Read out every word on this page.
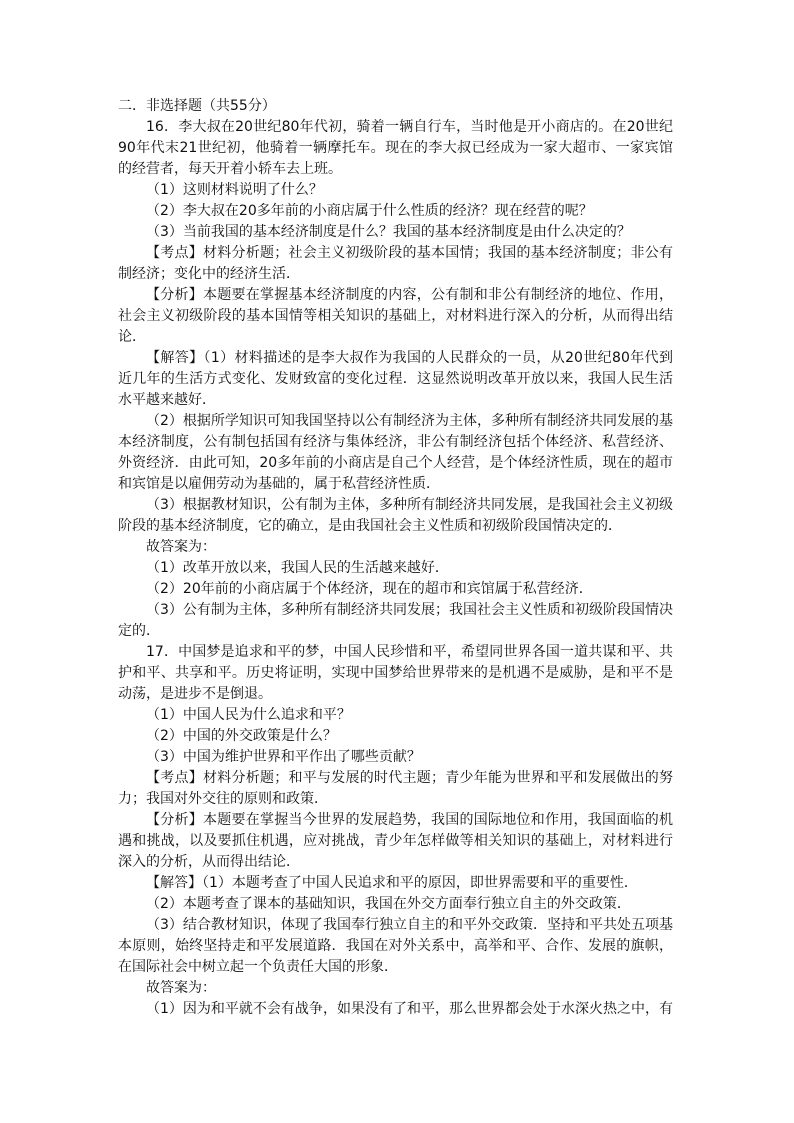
二．非选择题（共55分）
16．李大叔在20世纪80年代初，骑着一辆自行车，当时他是开小商店的。在20世纪
90年代末21世纪初，他骑着一辆摩托车。现在的李大叔已经成为一家大超市、一家宾馆
的经营者，每天开着小轿车去上班。
（1）这则材料说明了什么？
（2）李大叔在20多年前的小商店属于什么性质的经济？现在经营的呢？
（3）当前我国的基本经济制度是什么？我国的基本经济制度是由什么决定的？
【考点】材料分析题；社会主义初级阶段的基本国情；我国的基本经济制度；非公有
制经济；变化中的经济生活．
【分析】本题要在掌握基本经济制度的内容，公有制和非公有制经济的地位、作用，
社会主义初级阶段的基本国情等相关知识的基础上，对材料进行深入的分析，从而得出结
论．
【解答】（1）材料描述的是李大叔作为我国的人民群众的一员，从20世纪80年代到
近几年的生活方式变化、发财致富的变化过程．这显然说明改革开放以来，我国人民生活
水平越来越好．
（2）根据所学知识可知我国坚持以公有制经济为主体，多种所有制经济共同发展的基
本经济制度，公有制包括国有经济与集体经济，非公有制经济包括个体经济、私营经济、
外资经济．由此可知，20多年前的小商店是自己个人经营，是个体经济性质，现在的超市
和宾馆是以雇佣劳动为基础的，属于私营经济性质．
（3）根据教材知识，公有制为主体，多种所有制经济共同发展，是我国社会主义初级
阶段的基本经济制度，它的确立，是由我国社会主义性质和初级阶段国情决定的．
故答案为：
（1）改革开放以来，我国人民的生活越来越好．
（2）20年前的小商店属于个体经济，现在的超市和宾馆属于私营经济．
（3）公有制为主体，多种所有制经济共同发展；我国社会主义性质和初级阶段国情决
定的．
17．中国梦是追求和平的梦，中国人民珍惜和平，希望同世界各国一道共谋和平、共
护和平、共享和平。历史将证明，实现中国梦给世界带来的是机遇不是威胁，是和平不是
动荡，是进步不是倒退。
（1）中国人民为什么追求和平？
（2）中国的外交政策是什么？
（3）中国为维护世界和平作出了哪些贡献？
【考点】材料分析题；和平与发展的时代主题；青少年能为世界和平和发展做出的努
力；我国对外交往的原则和政策．
【分析】本题要在掌握当今世界的发展趋势，我国的国际地位和作用，我国面临的机
遇和挑战，以及要抓住机遇，应对挑战，青少年怎样做等相关知识的基础上，对材料进行
深入的分析，从而得出结论．
【解答】（1）本题考查了中国人民追求和平的原因，即世界需要和平的重要性．
（2）本题考查了课本的基础知识，我国在外交方面奉行独立自主的外交政策．
（3）结合教材知识，体现了我国奉行独立自主的和平外交政策．坚持和平共处五项基
本原则，始终坚持走和平发展道路．我国在对外关系中，高举和平、合作、发展的旗帜，
在国际社会中树立起一个负责任大国的形象．
故答案为：
（1）因为和平就不会有战争，如果没有了和平，那么世界都会处于水深火热之中，有
